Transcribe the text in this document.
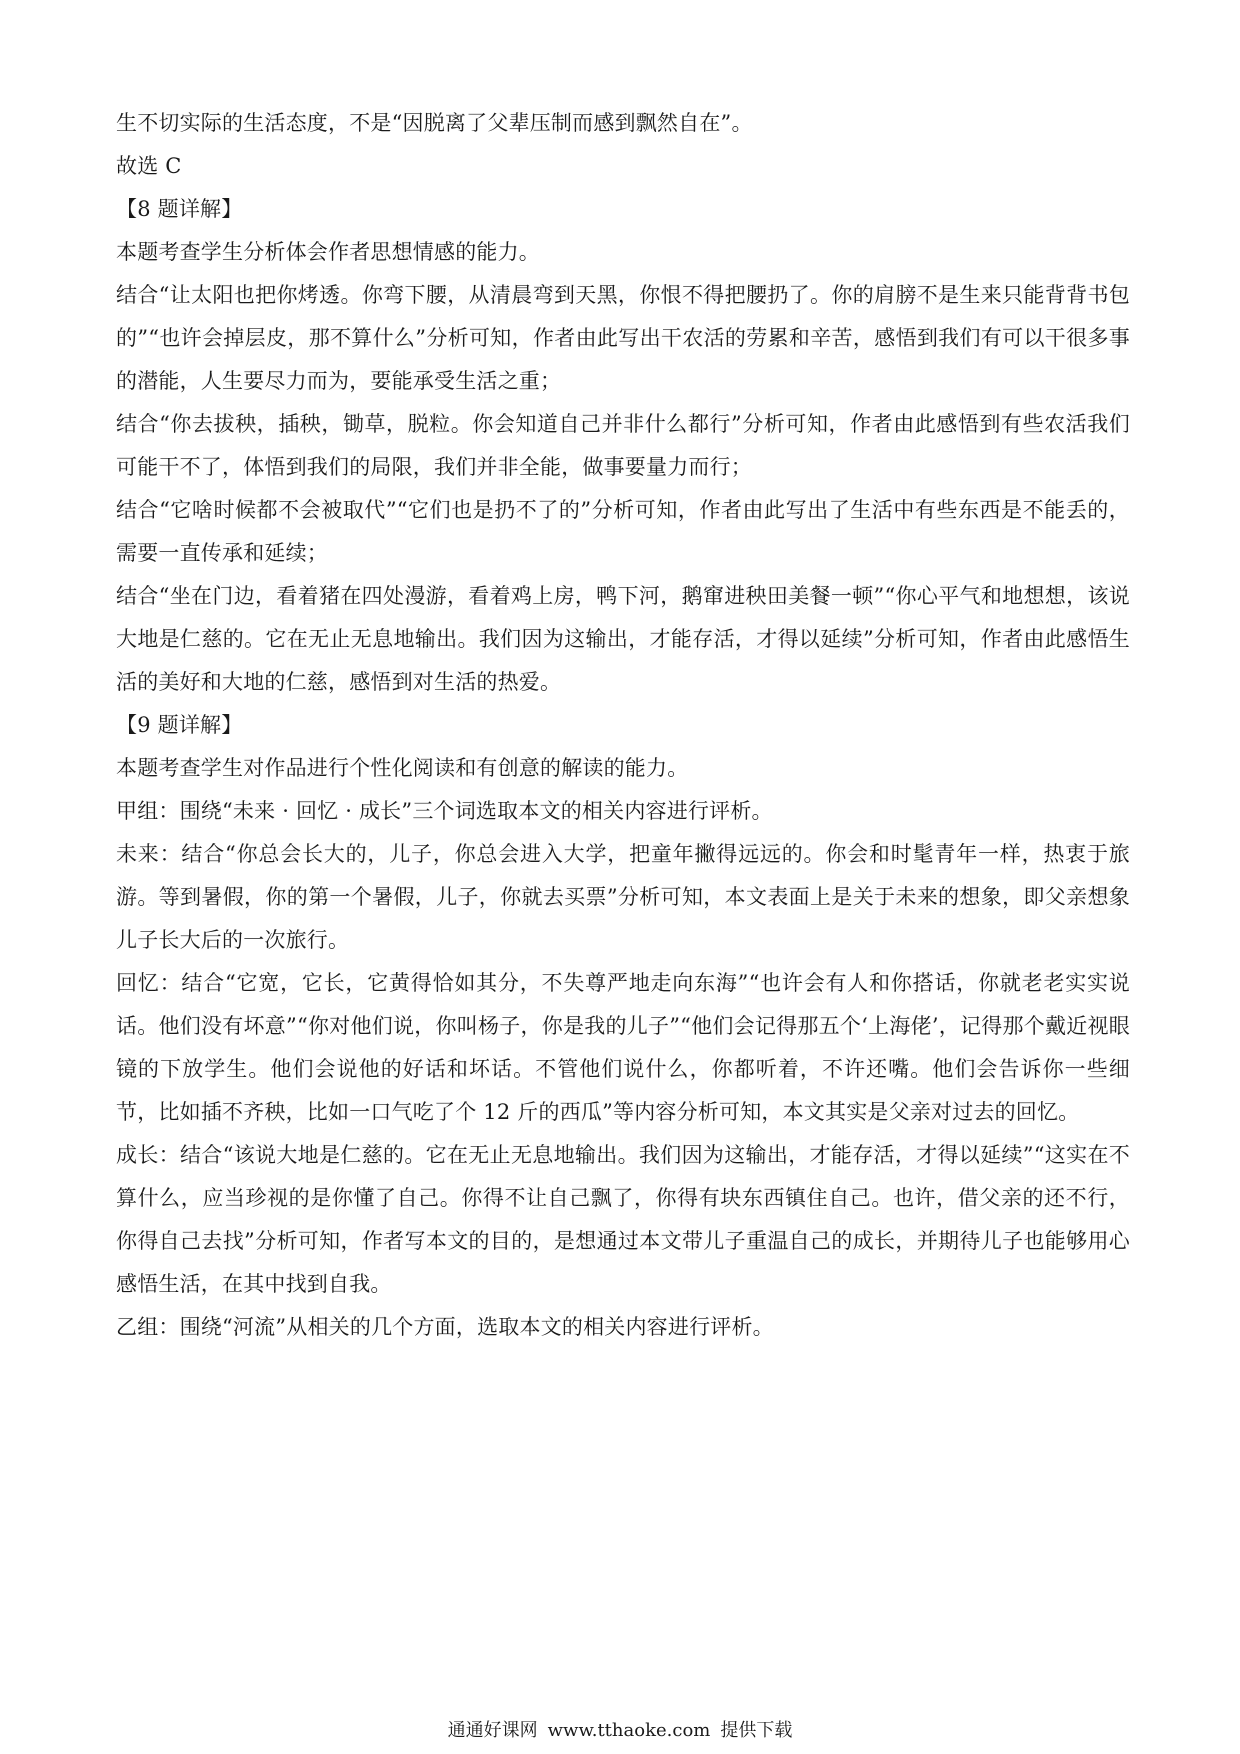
生不切实际的生活态度，不是“因脱离了父辈压制而感到飘然自在”。

故选 C

【8 题详解】

本题考查学生分析体会作者思想情感的能力。

结合“让太阳也把你烤透。你弯下腰，从清晨弯到天黑，你恨不得把腰扔了。你的肩膀不是生来只能背背书包的”“也许会掉层皮，那不算什么”分析可知，作者由此写出干农活的劳累和辛苦，感悟到我们有可以干很多事的潜能，人生要尽力而为，要能承受生活之重；

结合“你去拔秧，插秧，锄草，脱粒。你会知道自己并非什么都行”分析可知，作者由此感悟到有些农活我们可能干不了，体悟到我们的局限，我们并非全能，做事要量力而行；

结合“它啥时候都不会被取代”“它们也是扔不了的”分析可知，作者由此写出了生活中有些东西是不能丢的，需要一直传承和延续；

结合“坐在门边，看着猪在四处漫游，看着鸡上房，鸭下河，鹅窜进秧田美餐一顿”“你心平气和地想想，该说大地是仁慈的。它在无止无息地输出。我们因为这输出，才能存活，才得以延续”分析可知，作者由此感悟生活的美好和大地的仁慈，感悟到对生活的热爱。

【9 题详解】

本题考查学生对作品进行个性化阅读和有创意的解读的能力。

甲组：围绕“未来 · 回忆 · 成长”三个词选取本文的相关内容进行评析。

未来：结合“你总会长大的，儿子，你总会进入大学，把童年撇得远远的。你会和时髦青年一样，热衷于旅游。等到暑假，你的第一个暑假，儿子，你就去买票”分析可知，本文表面上是关于未来的想象，即父亲想象儿子长大后的一次旅行。

回忆：结合“它宽，它长，它黄得恰如其分，不失尊严地走向东海”“也许会有人和你搭话，你就老老实实说话。他们没有坏意”“你对他们说，你叫杨子，你是我的儿子”“他们会记得那五个‘上海佬’，记得那个戴近视眼镜的下放学生。他们会说他的好话和坏话。不管他们说什么，你都听着，不许还嘴。他们会告诉你一些细节，比如插不齐秧，比如一口气吃了个 12 斤的西瓜”等内容分析可知，本文其实是父亲对过去的回忆。

成长：结合“该说大地是仁慈的。它在无止无息地输出。我们因为这输出，才能存活，才得以延续”“这实在不算什么，应当珍视的是你懂了自己。你得不让自己飘了，你得有块东西镇住自己。也许，借父亲的还不行，你得自己去找”分析可知，作者写本文的目的，是想通过本文带儿子重温自己的成长，并期待儿子也能够用心感悟生活，在其中找到自我。

乙组：围绕“河流”从相关的几个方面，选取本文的相关内容进行评析。

通通好课网 www.tthaoke.com 提供下载
